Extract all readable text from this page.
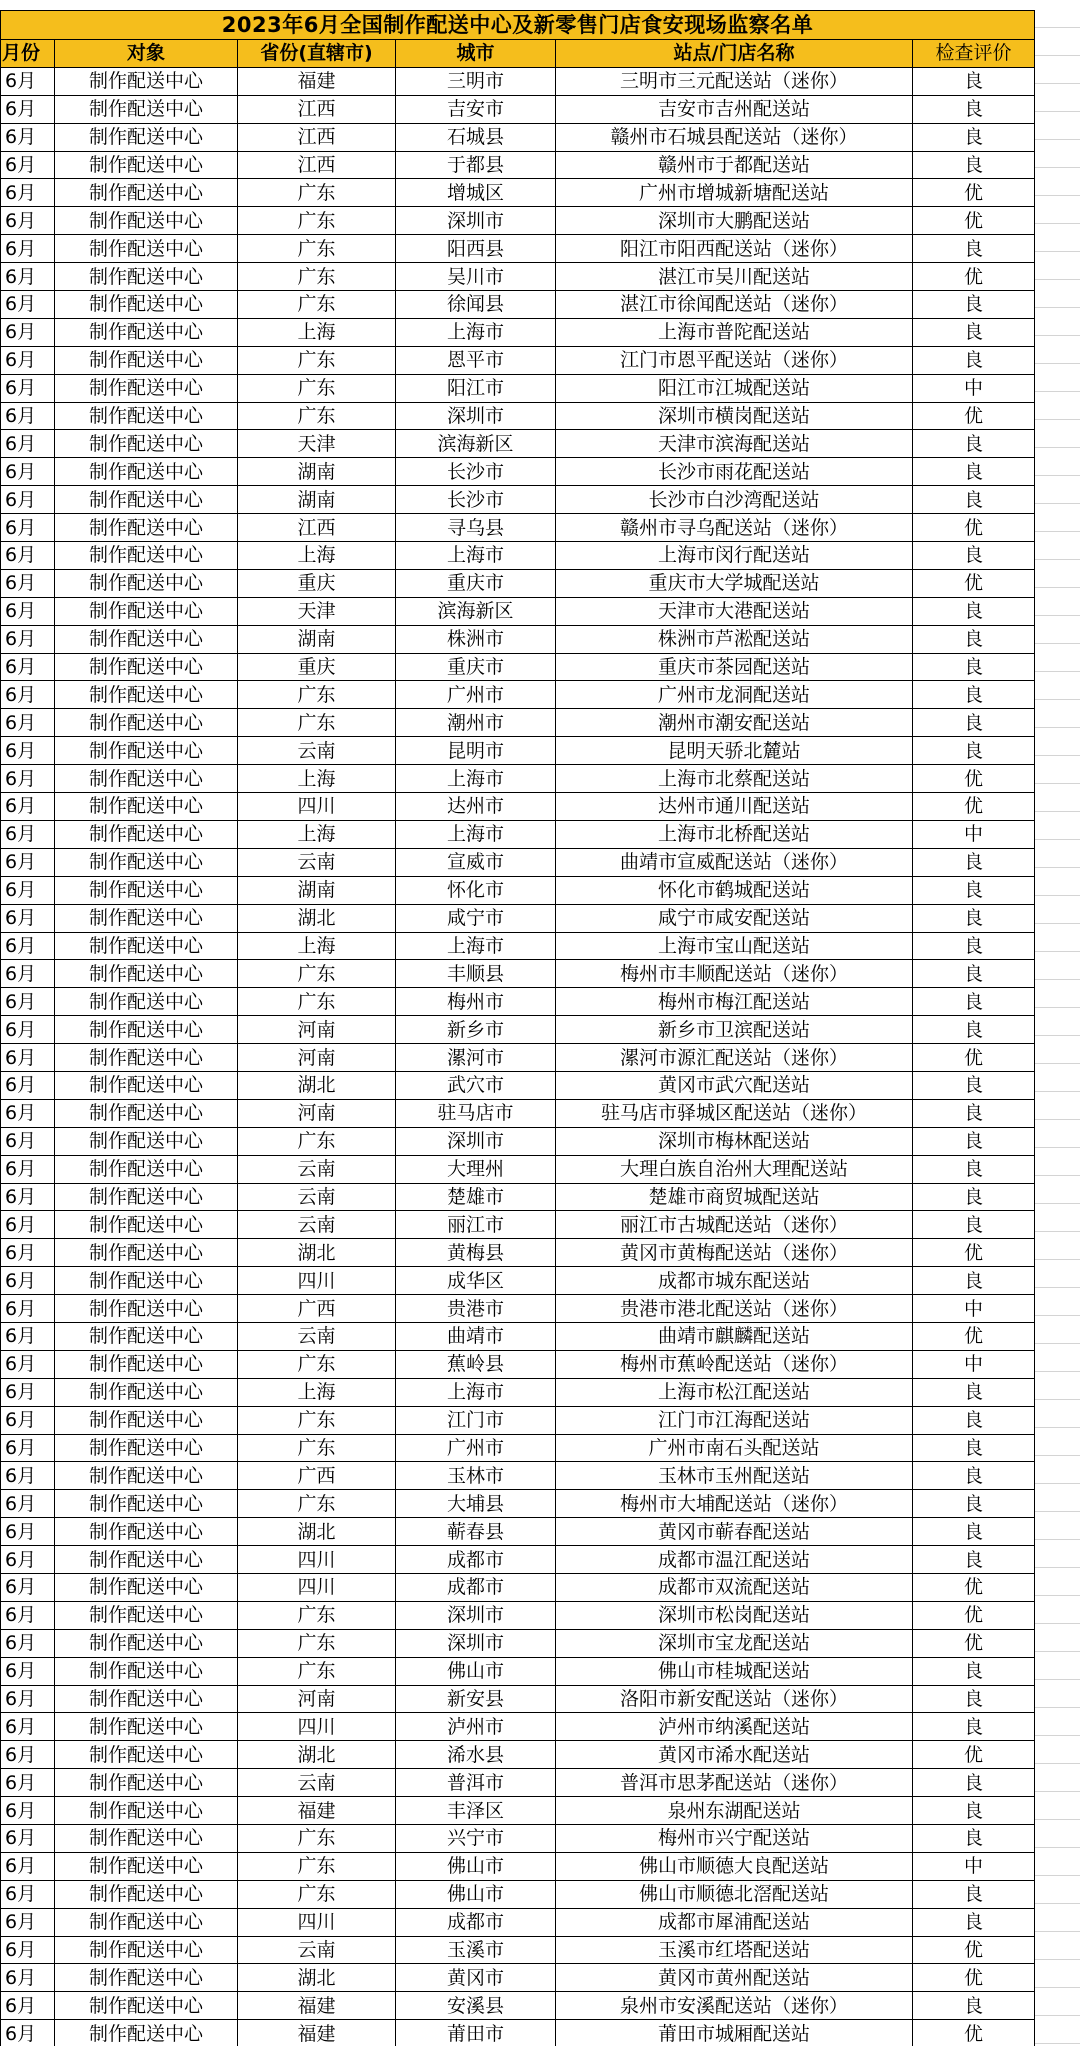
2023年6月全国制作配送中心及新零售门店食安现场监察名单					
月份	对象	省份(直辖市)	城市	站点/门店名称	检查评价
6月	制作配送中心	福建	三明市	三明市三元配送站（迷你）	良
6月	制作配送中心	江西	吉安市	吉安市吉州配送站	良
6月	制作配送中心	江西	石城县	赣州市石城县配送站（迷你）	良
6月	制作配送中心	江西	于都县	赣州市于都配送站	良
6月	制作配送中心	广东	增城区	广州市增城新塘配送站	优
6月	制作配送中心	广东	深圳市	深圳市大鹏配送站	优
6月	制作配送中心	广东	阳西县	阳江市阳西配送站（迷你）	良
6月	制作配送中心	广东	吴川市	湛江市吴川配送站	优
6月	制作配送中心	广东	徐闻县	湛江市徐闻配送站（迷你）	良
6月	制作配送中心	上海	上海市	上海市普陀配送站	良
6月	制作配送中心	广东	恩平市	江门市恩平配送站（迷你）	良
6月	制作配送中心	广东	阳江市	阳江市江城配送站	中
6月	制作配送中心	广东	深圳市	深圳市横岗配送站	优
6月	制作配送中心	天津	滨海新区	天津市滨海配送站	良
6月	制作配送中心	湖南	长沙市	长沙市雨花配送站	良
6月	制作配送中心	湖南	长沙市	长沙市白沙湾配送站	良
6月	制作配送中心	江西	寻乌县	赣州市寻乌配送站（迷你）	优
6月	制作配送中心	上海	上海市	上海市闵行配送站	良
6月	制作配送中心	重庆	重庆市	重庆市大学城配送站	优
6月	制作配送中心	天津	滨海新区	天津市大港配送站	良
6月	制作配送中心	湖南	株洲市	株洲市芦淞配送站	良
6月	制作配送中心	重庆	重庆市	重庆市茶园配送站	良
6月	制作配送中心	广东	广州市	广州市龙洞配送站	良
6月	制作配送中心	广东	潮州市	潮州市潮安配送站	良
6月	制作配送中心	云南	昆明市	昆明天骄北麓站	良
6月	制作配送中心	上海	上海市	上海市北蔡配送站	优
6月	制作配送中心	四川	达州市	达州市通川配送站	优
6月	制作配送中心	上海	上海市	上海市北桥配送站	中
6月	制作配送中心	云南	宣威市	曲靖市宣威配送站（迷你）	良
6月	制作配送中心	湖南	怀化市	怀化市鹤城配送站	良
6月	制作配送中心	湖北	咸宁市	咸宁市咸安配送站	良
6月	制作配送中心	上海	上海市	上海市宝山配送站	良
6月	制作配送中心	广东	丰顺县	梅州市丰顺配送站（迷你）	良
6月	制作配送中心	广东	梅州市	梅州市梅江配送站	良
6月	制作配送中心	河南	新乡市	新乡市卫滨配送站	良
6月	制作配送中心	河南	漯河市	漯河市源汇配送站（迷你）	优
6月	制作配送中心	湖北	武穴市	黄冈市武穴配送站	良
6月	制作配送中心	河南	驻马店市	驻马店市驿城区配送站（迷你）	良
6月	制作配送中心	广东	深圳市	深圳市梅林配送站	良
6月	制作配送中心	云南	大理州	大理白族自治州大理配送站	良
6月	制作配送中心	云南	楚雄市	楚雄市商贸城配送站	良
6月	制作配送中心	云南	丽江市	丽江市古城配送站（迷你）	良
6月	制作配送中心	湖北	黄梅县	黄冈市黄梅配送站（迷你）	优
6月	制作配送中心	四川	成华区	成都市城东配送站	良
6月	制作配送中心	广西	贵港市	贵港市港北配送站（迷你）	中
6月	制作配送中心	云南	曲靖市	曲靖市麒麟配送站	优
6月	制作配送中心	广东	蕉岭县	梅州市蕉岭配送站（迷你）	中
6月	制作配送中心	上海	上海市	上海市松江配送站	良
6月	制作配送中心	广东	江门市	江门市江海配送站	良
6月	制作配送中心	广东	广州市	广州市南石头配送站	良
6月	制作配送中心	广西	玉林市	玉林市玉州配送站	良
6月	制作配送中心	广东	大埔县	梅州市大埔配送站（迷你）	良
6月	制作配送中心	湖北	蕲春县	黄冈市蕲春配送站	良
6月	制作配送中心	四川	成都市	成都市温江配送站	良
6月	制作配送中心	四川	成都市	成都市双流配送站	优
6月	制作配送中心	广东	深圳市	深圳市松岗配送站	优
6月	制作配送中心	广东	深圳市	深圳市宝龙配送站	优
6月	制作配送中心	广东	佛山市	佛山市桂城配送站	良
6月	制作配送中心	河南	新安县	洛阳市新安配送站（迷你）	良
6月	制作配送中心	四川	泸州市	泸州市纳溪配送站	良
6月	制作配送中心	湖北	浠水县	黄冈市浠水配送站	优
6月	制作配送中心	云南	普洱市	普洱市思茅配送站（迷你）	良
6月	制作配送中心	福建	丰泽区	泉州东湖配送站	良
6月	制作配送中心	广东	兴宁市	梅州市兴宁配送站	良
6月	制作配送中心	广东	佛山市	佛山市顺德大良配送站	中
6月	制作配送中心	广东	佛山市	佛山市顺德北滘配送站	良
6月	制作配送中心	四川	成都市	成都市犀浦配送站	良
6月	制作配送中心	云南	玉溪市	玉溪市红塔配送站	优
6月	制作配送中心	湖北	黄冈市	黄冈市黄州配送站	优
6月	制作配送中心	福建	安溪县	泉州市安溪配送站（迷你）	良
6月	制作配送中心	福建	莆田市	莆田市城厢配送站	优
